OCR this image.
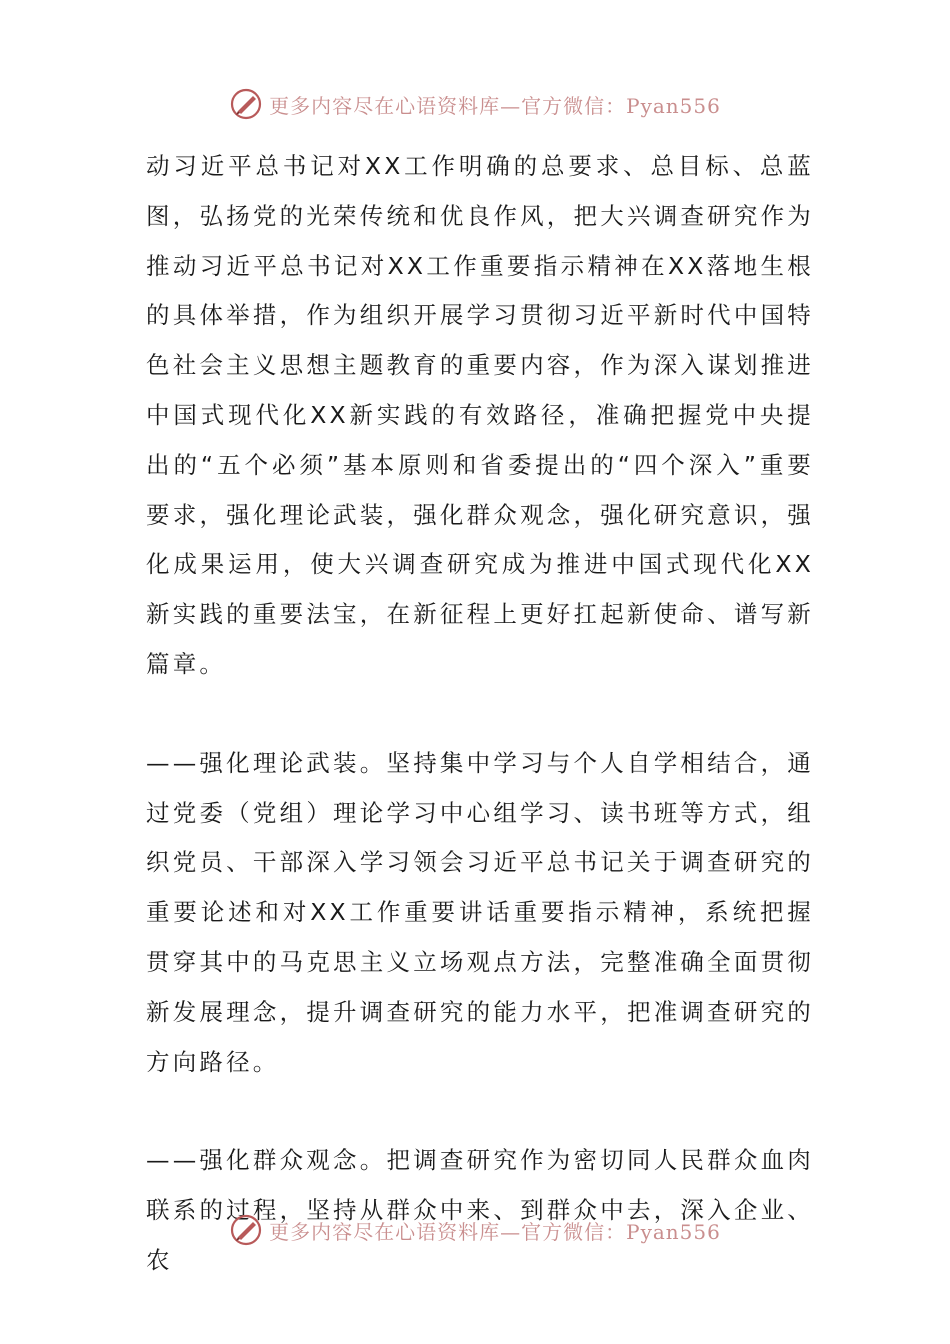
更多内容尽在心语资料库—官方微信：Pyan556

动习近平总书记对XX工作明确的总要求、总目标、总蓝图，弘扬党的光荣传统和优良作风，把大兴调查研究作为推动习近平总书记对XX工作重要指示精神在XX落地生根的具体举措，作为组织开展学习贯彻习近平新时代中国特色社会主义思想主题教育的重要内容，作为深入谋划推进中国式现代化XX新实践的有效路径，准确把握党中央提出的“五个必须”基本原则和省委提出的“四个深入”重要要求，强化理论武装，强化群众观念，强化研究意识，强化成果运用，使大兴调查研究成为推进中国式现代化XX新实践的重要法宝，在新征程上更好扛起新使命、谱写新篇章。

——强化理论武装。坚持集中学习与个人自学相结合，通过党委（党组）理论学习中心组学习、读书班等方式，组织党员、干部深入学习领会习近平总书记关于调查研究的重要论述和对XX工作重要讲话重要指示精神，系统把握贯穿其中的马克思主义立场观点方法，完整准确全面贯彻新发展理念，提升调查研究的能力水平，把准调查研究的方向路径。

——强化群众观念。把调查研究作为密切同人民群众血肉联系的过程，坚持从群众中来、到群众中去，深入企业、农

更多内容尽在心语资料库—官方微信：Pyan556
